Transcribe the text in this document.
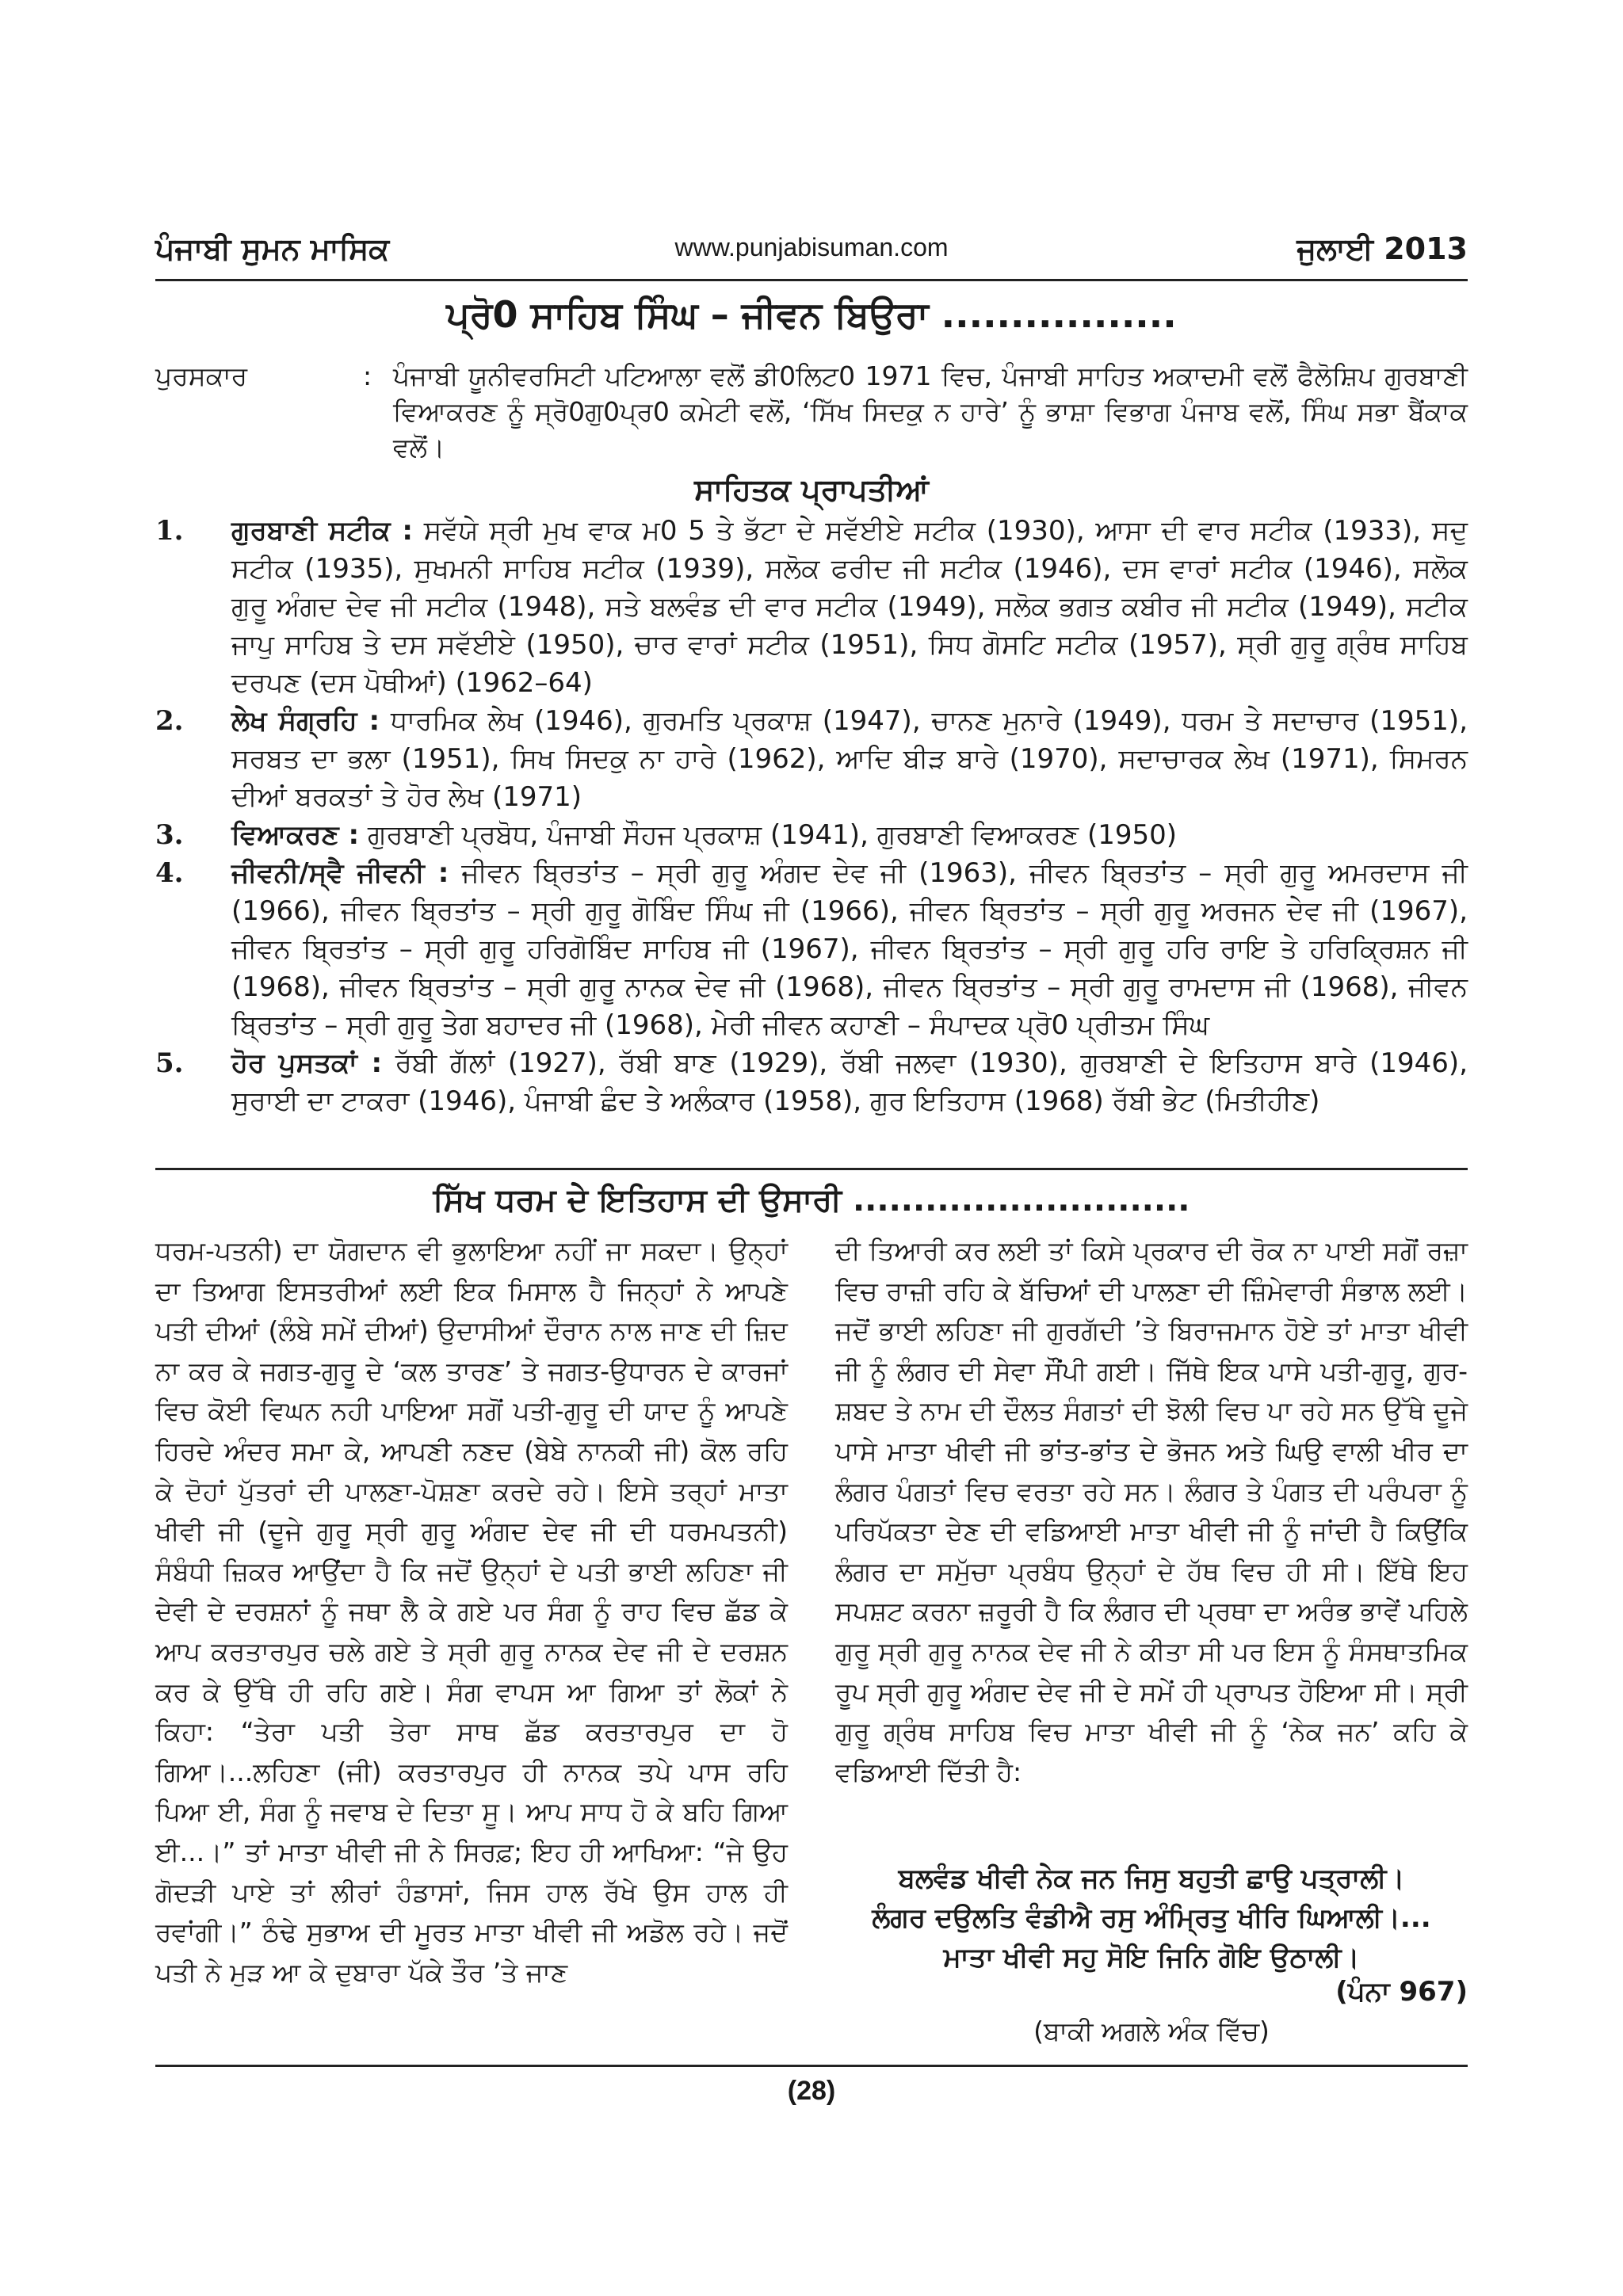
ਪੰਜਾਬੀ ਸੁਮਨ ਮਾਸਿਕ	www.punjabisuman.com	ਜੁਲਾਈ 2013
ਪ੍ਰੋ0 ਸਾਹਿਬ ਸਿੰਘ – ਜੀਵਨ ਬਿਉਰਾ .................
ਪੁਰਸਕਾਰ	: ਪੰਜਾਬੀ ਯੂਨੀਵਰਸਿਟੀ ਪਟਿਆਲਾ ਵਲੋਂ ਡੀ0ਲਿਟ0 1971 ਵਿਚ, ਪੰਜਾਬੀ ਸਾਹਿਤ ਅਕਾਦਮੀ ਵਲੋਂ ਫੈਲੋਸ਼ਿਪ ਗੁਰਬਾਣੀ ਵਿਆਕਰਣ ਨੂੰ ਸ੍ਰੋ0ਗੁ0ਪ੍ਰ0 ਕਮੇਟੀ ਵਲੋਂ, ‘ਸਿੱਖ ਸਿਦਕੁ ਨ ਹਾਰੇ’ ਨੂੰ ਭਾਸ਼ਾ ਵਿਭਾਗ ਪੰਜਾਬ ਵਲੋਂ, ਸਿੰਘ ਸਭਾ ਬੈਂਕਾਕ ਵਲੋਂ।
ਸਾਹਿਤਕ ਪ੍ਰਾਪਤੀਆਂ
1. ਗੁਰਬਾਣੀ ਸਟੀਕ : ਸਵੱਯੇ ਸ੍ਰੀ ਮੁਖ ਵਾਕ ਮ0 5 ਤੇ ਭੱਟਾ ਦੇ ਸਵੱਈਏ ਸਟੀਕ (1930), ਆਸਾ ਦੀ ਵਾਰ ਸਟੀਕ (1933), ਸਦੁ ਸਟੀਕ (1935), ਸੁਖਮਨੀ ਸਾਹਿਬ ਸਟੀਕ (1939), ਸਲੋਕ ਫਰੀਦ ਜੀ ਸਟੀਕ (1946), ਦਸ ਵਾਰਾਂ ਸਟੀਕ (1946), ਸਲੋਕ ਗੁਰੂ ਅੰਗਦ ਦੇਵ ਜੀ ਸਟੀਕ (1948), ਸਤੇ ਬਲਵੰਡ ਦੀ ਵਾਰ ਸਟੀਕ (1949), ਸਲੋਕ ਭਗਤ ਕਬੀਰ ਜੀ ਸਟੀਕ (1949), ਸਟੀਕ ਜਾਪੁ ਸਾਹਿਬ ਤੇ ਦਸ ਸਵੱਈਏ (1950), ਚਾਰ ਵਾਰਾਂ ਸਟੀਕ (1951), ਸਿਧ ਗੋਸਟਿ ਸਟੀਕ (1957), ਸ੍ਰੀ ਗੁਰੂ ਗ੍ਰੰਥ ਸਾਹਿਬ ਦਰਪਣ (ਦਸ ਪੋਥੀਆਂ) (1962–64)
2. ਲੇਖ ਸੰਗ੍ਰਹਿ : ਧਾਰਮਿਕ ਲੇਖ (1946), ਗੁਰਮਤਿ ਪ੍ਰਕਾਸ਼ (1947), ਚਾਨਣ ਮੁਨਾਰੇ (1949), ਧਰਮ ਤੇ ਸਦਾਚਾਰ (1951), ਸਰਬਤ ਦਾ ਭਲਾ (1951), ਸਿਖ ਸਿਦਕੁ ਨਾ ਹਾਰੇ (1962), ਆਦਿ ਬੀੜ ਬਾਰੇ (1970), ਸਦਾਚਾਰਕ ਲੇਖ (1971), ਸਿਮਰਨ ਦੀਆਂ ਬਰਕਤਾਂ ਤੇ ਹੋਰ ਲੇਖ (1971)
3. ਵਿਆਕਰਣ : ਗੁਰਬਾਣੀ ਪ੍ਰਬੋਧ, ਪੰਜਾਬੀ ਸੌਹਜ ਪ੍ਰਕਾਸ਼ (1941), ਗੁਰਬਾਣੀ ਵਿਆਕਰਣ (1950)
4. ਜੀਵਨੀ/ਸ੍ਵੈ ਜੀਵਨੀ : ਜੀਵਨ ਬ੍ਰਿਤਾਂਤ – ਸ੍ਰੀ ਗੁਰੂ ਅੰਗਦ ਦੇਵ ਜੀ (1963), ਜੀਵਨ ਬ੍ਰਿਤਾਂਤ – ਸ੍ਰੀ ਗੁਰੂ ਅਮਰਦਾਸ ਜੀ (1966), ਜੀਵਨ ਬ੍ਰਿਤਾਂਤ – ਸ੍ਰੀ ਗੁਰੂ ਗੋਬਿੰਦ ਸਿੰਘ ਜੀ (1966), ਜੀਵਨ ਬ੍ਰਿਤਾਂਤ – ਸ੍ਰੀ ਗੁਰੂ ਅਰਜਨ ਦੇਵ ਜੀ (1967), ਜੀਵਨ ਬ੍ਰਿਤਾਂਤ – ਸ੍ਰੀ ਗੁਰੂ ਹਰਿਗੋਬਿੰਦ ਸਾਹਿਬ ਜੀ (1967), ਜੀਵਨ ਬ੍ਰਿਤਾਂਤ – ਸ੍ਰੀ ਗੁਰੂ ਹਰਿ ਰਾਇ ਤੇ ਹਰਿਕ੍ਰਿਸ਼ਨ ਜੀ (1968), ਜੀਵਨ ਬ੍ਰਿਤਾਂਤ – ਸ੍ਰੀ ਗੁਰੂ ਨਾਨਕ ਦੇਵ ਜੀ (1968), ਜੀਵਨ ਬ੍ਰਿਤਾਂਤ – ਸ੍ਰੀ ਗੁਰੂ ਰਾਮਦਾਸ ਜੀ (1968), ਜੀਵਨ ਬ੍ਰਿਤਾਂਤ – ਸ੍ਰੀ ਗੁਰੂ ਤੇਗ ਬਹਾਦਰ ਜੀ (1968), ਮੇਰੀ ਜੀਵਨ ਕਹਾਣੀ – ਸੰਪਾਦਕ ਪ੍ਰੋ0 ਪ੍ਰੀਤਮ ਸਿੰਘ
5. ਹੋਰ ਪੁਸਤਕਾਂ : ਰੱਬੀ ਗੱਲਾਂ (1927), ਰੱਬੀ ਬਾਣ (1929), ਰੱਬੀ ਜਲਵਾ (1930), ਗੁਰਬਾਣੀ ਦੇ ਇਤਿਹਾਸ ਬਾਰੇ (1946), ਸੁਰਾਈ ਦਾ ਟਾਕਰਾ (1946), ਪੰਜਾਬੀ ਛੰਦ ਤੇ ਅਲੰਕਾਰ (1958), ਗੁਰ ਇਤਿਹਾਸ (1968) ਰੱਬੀ ਭੇਟ (ਮਿਤੀਹੀਣ)
ਸਿੱਖ ਧਰਮ ਦੇ ਇਤਿਹਾਸ ਦੀ ਉਸਾਰੀ ............................

ਧਰਮ-ਪਤਨੀ) ਦਾ ਯੋਗਦਾਨ ਵੀ ਭੁਲਾਇਆ ਨਹੀਂ ਜਾ ਸਕਦਾ। ਉਨ੍ਹਾਂ ਦਾ ਤਿਆਗ ਇਸਤਰੀਆਂ ਲਈ ਇਕ ਮਿਸਾਲ ਹੈ ਜਿਨ੍ਹਾਂ ਨੇ ਆਪਣੇ ਪਤੀ ਦੀਆਂ (ਲੰਬੇ ਸਮੇਂ ਦੀਆਂ) ਉਦਾਸੀਆਂ ਦੌਰਾਨ ਨਾਲ ਜਾਣ ਦੀ ਜ਼ਿਦ ਨਾ ਕਰ ਕੇ ਜਗਤ-ਗੁਰੂ ਦੇ ‘ਕਲ ਤਾਰਣ’ ਤੇ ਜਗਤ-ਉਧਾਰਨ ਦੇ ਕਾਰਜਾਂ ਵਿਚ ਕੋਈ ਵਿਘਨ ਨਹੀ ਪਾਇਆ ਸਗੋਂ ਪਤੀ-ਗੁਰੂ ਦੀ ਯਾਦ ਨੂੰ ਆਪਣੇ ਹਿਰਦੇ ਅੰਦਰ ਸਮਾ ਕੇ, ਆਪਣੀ ਨਣਦ (ਬੇਬੇ ਨਾਨਕੀ ਜੀ) ਕੋਲ ਰਹਿ ਕੇ ਦੋਹਾਂ ਪੁੱਤਰਾਂ ਦੀ ਪਾਲਣਾ-ਪੋਸ਼ਣਾ ਕਰਦੇ ਰਹੇ। ਇਸੇ ਤਰ੍ਹਾਂ ਮਾਤਾ ਖੀਵੀ ਜੀ (ਦੂਜੇ ਗੁਰੂ ਸ੍ਰੀ ਗੁਰੂ ਅੰਗਦ ਦੇਵ ਜੀ ਦੀ ਧਰਮਪਤਨੀ) ਸੰਬੰਧੀ ਜ਼ਿਕਰ ਆਉਂਦਾ ਹੈ ਕਿ ਜਦੋਂ ਉਨ੍ਹਾਂ ਦੇ ਪਤੀ ਭਾਈ ਲਹਿਣਾ ਜੀ ਦੇਵੀ ਦੇ ਦਰਸ਼ਨਾਂ ਨੂੰ ਜਥਾ ਲੈ ਕੇ ਗਏ ਪਰ ਸੰਗ ਨੂੰ ਰਾਹ ਵਿਚ ਛੱਡ ਕੇ ਆਪ ਕਰਤਾਰਪੁਰ ਚਲੇ ਗਏ ਤੇ ਸ੍ਰੀ ਗੁਰੂ ਨਾਨਕ ਦੇਵ ਜੀ ਦੇ ਦਰਸ਼ਨ ਕਰ ਕੇ ਉੱਥੇ ਹੀ ਰਹਿ ਗਏ। ਸੰਗ ਵਾਪਸ ਆ ਗਿਆ ਤਾਂ ਲੋਕਾਂ ਨੇ ਕਿਹਾ: “ਤੇਰਾ ਪਤੀ ਤੇਰਾ ਸਾਥ ਛੱਡ ਕਰਤਾਰਪੁਰ ਦਾ ਹੋ ਗਿਆ।...ਲਹਿਣਾ (ਜੀ) ਕਰਤਾਰਪੁਰ ਹੀ ਨਾਨਕ ਤਪੇ ਪਾਸ ਰਹਿ ਪਿਆ ਈ, ਸੰਗ ਨੂੰ ਜਵਾਬ ਦੇ ਦਿਤਾ ਸੂ। ਆਪ ਸਾਧ ਹੋ ਕੇ ਬਹਿ ਗਿਆ ਈ...।” ਤਾਂ ਮਾਤਾ ਖੀਵੀ ਜੀ ਨੇ ਸਿਰਫ਼; ਇਹ ਹੀ ਆਖਿਆ: “ਜੇ ਉਹ ਗੋਦੜੀ ਪਾਏ ਤਾਂ ਲੀਰਾਂ ਹੰਡਾਸਾਂ, ਜਿਸ ਹਾਲ ਰੱਖੇ ਉਸ ਹਾਲ ਹੀ ਰਵਾਂਗੀ।” ਠੰਢੇ ਸੁਭਾਅ ਦੀ ਮੂਰਤ ਮਾਤਾ ਖੀਵੀ ਜੀ ਅਡੋਲ ਰਹੇ। ਜਦੋਂ ਪਤੀ ਨੇ ਮੁੜ ਆ ਕੇ ਦੁਬਾਰਾ ਪੱਕੇ ਤੌਰ ’ਤੇ ਜਾਣ

ਦੀ ਤਿਆਰੀ ਕਰ ਲਈ ਤਾਂ ਕਿਸੇ ਪ੍ਰਕਾਰ ਦੀ ਰੋਕ ਨਾ ਪਾਈ ਸਗੋਂ ਰਜ਼ਾ ਵਿਚ ਰਾਜ਼ੀ ਰਹਿ ਕੇ ਬੱਚਿਆਂ ਦੀ ਪਾਲਣਾ ਦੀ ਜ਼ਿੰਮੇਵਾਰੀ ਸੰਭਾਲ ਲਈ। ਜਦੋਂ ਭਾਈ ਲਹਿਣਾ ਜੀ ਗੁਰਗੱਦੀ ’ਤੇ ਬਿਰਾਜਮਾਨ ਹੋਏ ਤਾਂ ਮਾਤਾ ਖੀਵੀ ਜੀ ਨੂੰ ਲੰਗਰ ਦੀ ਸੇਵਾ ਸੌਂਪੀ ਗਈ। ਜਿੱਥੇ ਇਕ ਪਾਸੇ ਪਤੀ-ਗੁਰੂ, ਗੁਰ-ਸ਼ਬਦ ਤੇ ਨਾਮ ਦੀ ਦੌਲਤ ਸੰਗਤਾਂ ਦੀ ਝੋਲੀ ਵਿਚ ਪਾ ਰਹੇ ਸਨ ਉੱਥੇ ਦੂਜੇ ਪਾਸੇ ਮਾਤਾ ਖੀਵੀ ਜੀ ਭਾਂਤ-ਭਾਂਤ ਦੇ ਭੋਜਨ ਅਤੇ ਘਿਉ ਵਾਲੀ ਖੀਰ ਦਾ ਲੰਗਰ ਪੰਗਤਾਂ ਵਿਚ ਵਰਤਾ ਰਹੇ ਸਨ। ਲੰਗਰ ਤੇ ਪੰਗਤ ਦੀ ਪਰੰਪਰਾ ਨੂੰ ਪਰਿਪੱਕਤਾ ਦੇਣ ਦੀ ਵਡਿਆਈ ਮਾਤਾ ਖੀਵੀ ਜੀ ਨੂੰ ਜਾਂਦੀ ਹੈ ਕਿਉਂਕਿ ਲੰਗਰ ਦਾ ਸਮੁੱਚਾ ਪ੍ਰਬੰਧ ਉਨ੍ਹਾਂ ਦੇ ਹੱਥ ਵਿਚ ਹੀ ਸੀ। ਇੱਥੇ ਇਹ ਸਪਸ਼ਟ ਕਰਨਾ ਜ਼ਰੂਰੀ ਹੈ ਕਿ ਲੰਗਰ ਦੀ ਪ੍ਰਥਾ ਦਾ ਅਰੰਭ ਭਾਵੇਂ ਪਹਿਲੇ ਗੁਰੂ ਸ੍ਰੀ ਗੁਰੂ ਨਾਨਕ ਦੇਵ ਜੀ ਨੇ ਕੀਤਾ ਸੀ ਪਰ ਇਸ ਨੂੰ ਸੰਸਥਾਤਮਿਕ ਰੂਪ ਸ੍ਰੀ ਗੁਰੂ ਅੰਗਦ ਦੇਵ ਜੀ ਦੇ ਸਮੇਂ ਹੀ ਪ੍ਰਾਪਤ ਹੋਇਆ ਸੀ। ਸ੍ਰੀ ਗੁਰੂ ਗ੍ਰੰਥ ਸਾਹਿਬ ਵਿਚ ਮਾਤਾ ਖੀਵੀ ਜੀ ਨੂੰ ‘ਨੇਕ ਜਨ’ ਕਹਿ ਕੇ ਵਡਿਆਈ ਦਿੱਤੀ ਹੈ:

ਬਲਵੰਡ ਖੀਵੀ ਨੇਕ ਜਨ ਜਿਸੁ ਬਹੁਤੀ ਛਾਉ ਪਤ੍ਰਾਲੀ।
ਲੰਗਰ ਦਉਲਤਿ ਵੰਡੀਐ ਰਸੁ ਅੰਮ੍ਰਿਤੁ ਖੀਰਿ ਘਿਆਲੀ।...
ਮਾਤਾ ਖੀਵੀ ਸਹੁ ਸੋਇ ਜਿਨਿ ਗੋਇ ਉਠਾਲੀ।
(ਪੰਨਾ 967)
(ਬਾਕੀ ਅਗਲੇ ਅੰਕ ਵਿੱਚ)
(28)
